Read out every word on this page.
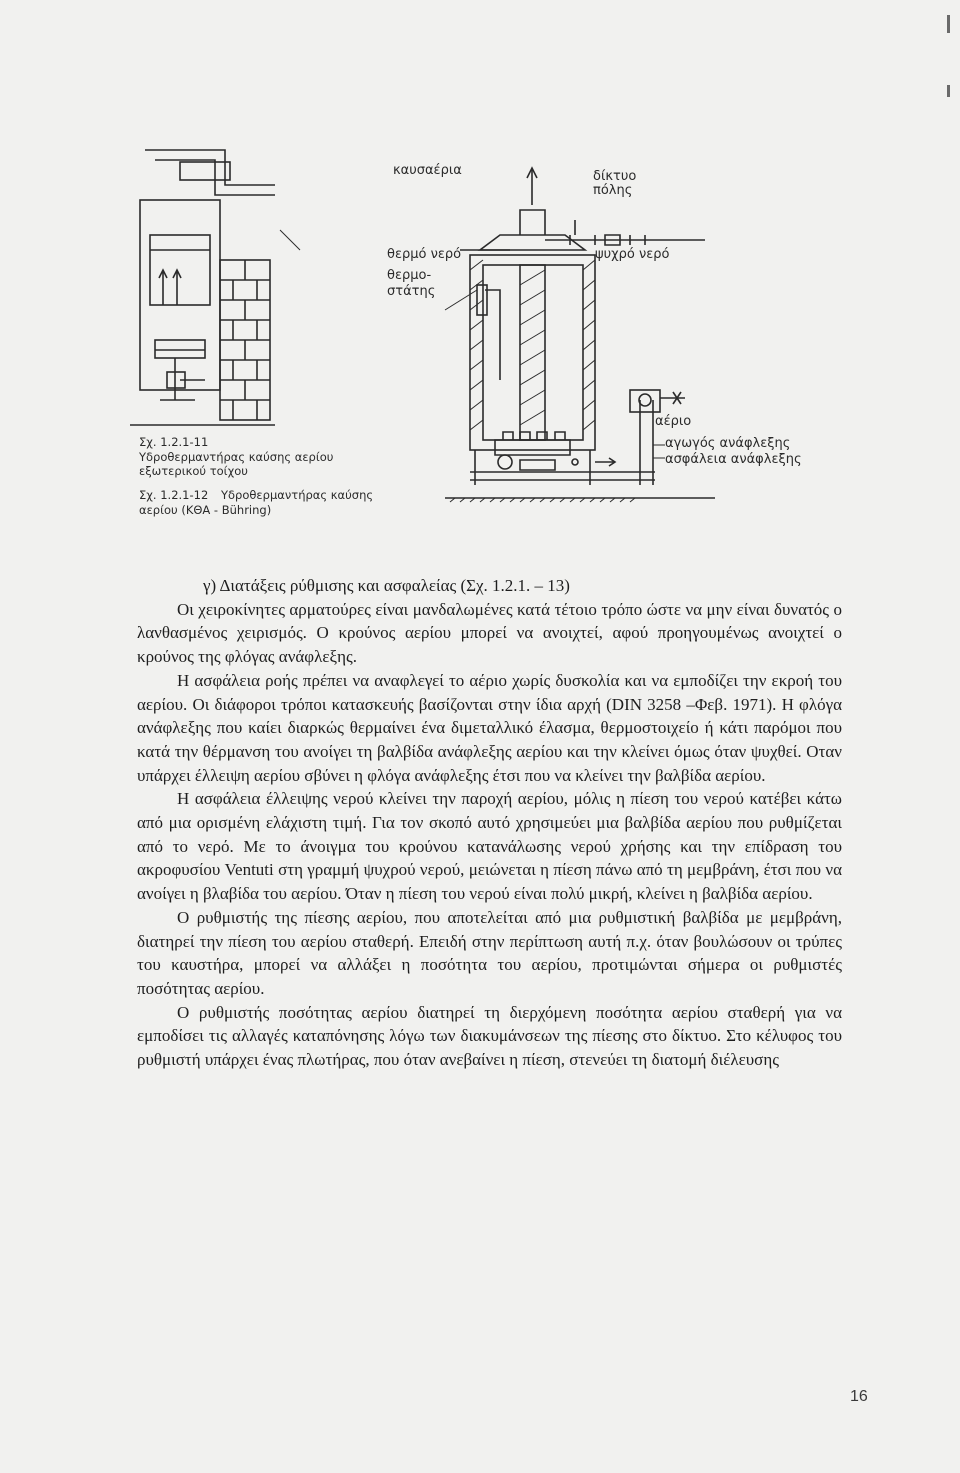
καυσαέρια	δίκτυο πόλης
θερμό νερό
θερμο- στάτης
ψυχρό νερό
αέριο
αγωγός ανάφλεξης
ασφάλεια ανάφλεξης
Σχ. 1.2.1-11
Υδροθερμαντήρας καύσης αερίου
εξωτερικού τοίχου
Σχ. 1.2.1-12 Υδροθερμαντήρας καύσης
αερίου (ΚΘΑ - Bühring)

γ) Διατάξεις ρύθμισης και ασφαλείας (Σχ. 1.2.1. – 13)

Οι χειροκίνητες αρματούρες είναι μανδαλωμένες κατά τέτοιο τρόπο ώστε να μην είναι δυνατός ο λανθασμένος χειρισμός. Ο κρούνος αερίου μπορεί να ανοιχτεί, αφού προηγουμένως ανοιχτεί ο κρούνος της φλόγας ανάφλεξης.

Η ασφάλεια ροής πρέπει να αναφλεγεί το αέριο χωρίς δυσκολία και να εμποδίζει την εκροή του αερίου. Οι διάφοροι τρόποι κατασκευής βασίζονται στην ίδια αρχή (DIN 3258 –Φεβ. 1971). Η φλόγα ανάφλεξης που καίει διαρκώς θερμαίνει ένα διμεταλλικό έλασμα, θερμοστοιχείο ή κάτι παρόμοι που κατά την θέρμανση του ανοίγει τη βαλβίδα ανάφλεξης αερίου και την κλείνει όμως όταν ψυχθεί. Οταν υπάρχει έλλειψη αερίου σβύνει η φλόγα ανάφλεξης έτσι που να κλείνει την βαλβίδα αερίου.

Η ασφάλεια έλλειψης νερού κλείνει την παροχή αερίου, μόλις η πίεση του νερού κατέβει κάτω από μια ορισμένη ελάχιστη τιμή. Για τον σκοπό αυτό χρησιμεύει μια βαλβίδα αερίου που ρυθμίζεται από το νερό. Με το άνοιγμα του κρούνου κατανάλωσης νερού χρήσης και την επίδραση του ακροφυσίου Ventuti στη γραμμή ψυχρού νερού, μειώνεται η πίεση πάνω από τη μεμβράνη, έτσι που να ανοίγει η βλαβίδα του αερίου. Όταν η πίεση του νερού είναι πολύ μικρή, κλείνει η βαλβίδα αερίου.

Ο ρυθμιστής της πίεσης αερίου, που αποτελείται από μια ρυθμιστική βαλβίδα με μεμβράνη, διατηρεί την πίεση του αερίου σταθερή. Επειδή στην περίπτωση αυτή π.χ. όταν βουλώσουν οι τρύπες του καυστήρα, μπορεί να αλλάξει η ποσότητα του αερίου, προτιμώνται σήμερα οι ρυθμιστές ποσότητας αερίου.

Ο ρυθμιστής ποσότητας αερίου διατηρεί τη διερχόμενη ποσότητα αερίου σταθερή για να εμποδίσει τις αλλαγές καταπόνησης λόγω των διακυμάνσεων της πίεσης στο δίκτυο. Στο κέλυφος του ρυθμιστή υπάρχει ένας πλωτήρας, που όταν ανεβαίνει η πίεση, στενεύει τη διατομή διέλευσης

16
